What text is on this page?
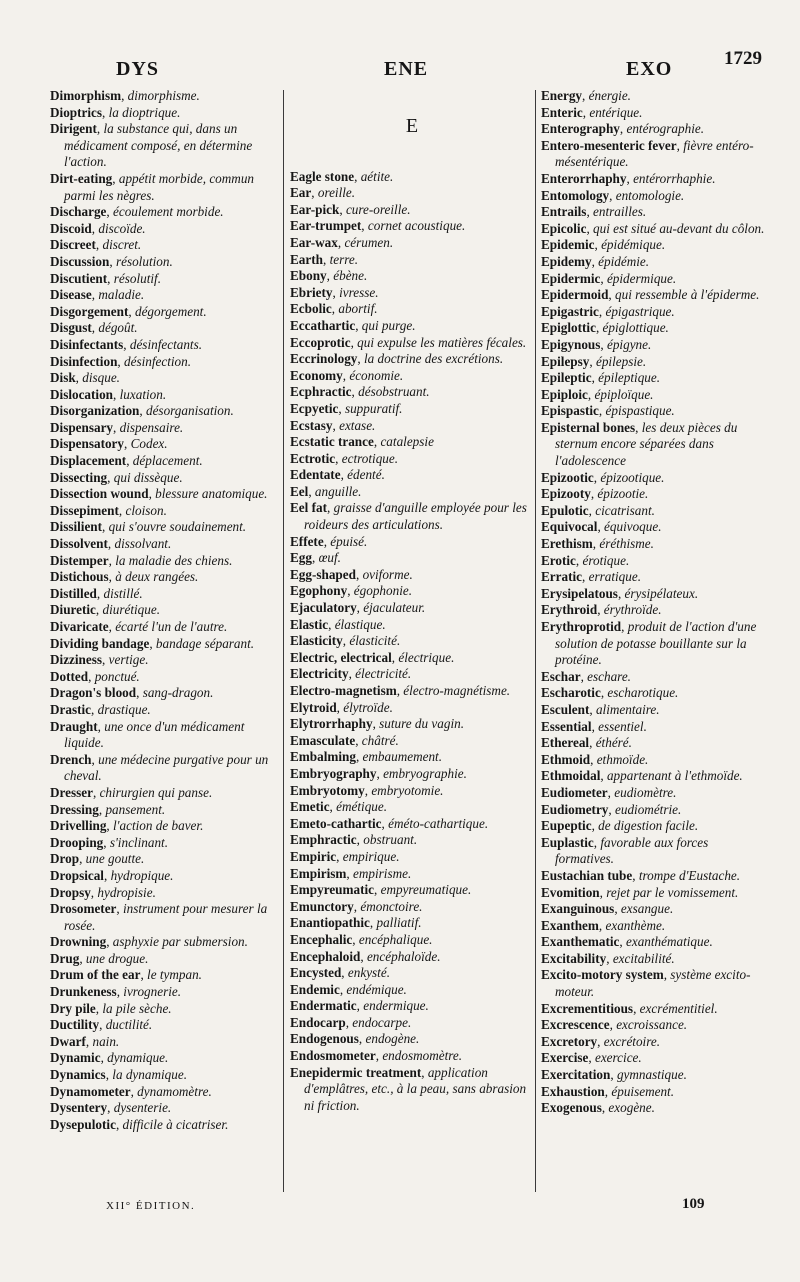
DYS	ENE	EXO	1729
Dimorphism, dimorphisme.
Dioptrics, la dioptrique.
Dirigent, la substance qui, dans un médicament composé, en détermine l'action.
Dirt-eating, appétit morbide, commun parmi les nègres.
Discharge, écoulement morbide.
Discoid, discoïde.
Discreet, discret.
Discussion, résolution.
Discutient, résolutif.
Disease, maladie.
Disgorgement, dégorgement.
Disgust, dégoût.
Disinfectants, désinfectants.
Disinfection, désinfection.
Disk, disque.
Dislocation, luxation.
Disorganization, désorganisation.
Dispensary, dispensaire.
Dispensatory, Codex.
Displacement, déplacement.
Dissecting, qui dissèque.
Dissection wound, blessure anatomique.
Dissepiment, cloison.
Dissilient, qui s'ouvre soudainement.
Dissolvent, dissolvant.
Distemper, la maladie des chiens.
Distichous, à deux rangées.
Distilled, distillé.
Diuretic, diurétique.
Divaricate, écarté l'un de l'autre.
Dividing bandage, bandage séparant.
Dizziness, vertige.
Dotted, ponctué.
Dragon's blood, sang-dragon.
Drastic, drastique.
Draught, une once d'un médicament liquide.
Drench, une médecine purgative pour un cheval.
Dresser, chirurgien qui panse.
Dressing, pansement.
Drivelling, l'action de baver.
Drooping, s'inclinant.
Drop, une goutte.
Dropsical, hydropique.
Dropsy, hydropisie.
Drosometer, instrument pour mesurer la rosée.
Drowning, asphyxie par submersion.
Drug, une drogue.
Drum of the ear, le tympan.
Drunkeness, ivrognerie.
Dry pile, la pile sèche.
Ductility, ductilité.
Dwarf, nain.
Dynamic, dynamique.
Dynamics, la dynamique.
Dynamometer, dynamomètre.
Dysentery, dysenterie.
Dysepulotic, difficile à cicatriser.
E
Eagle stone, aétite.
Ear, oreille.
Ear-pick, cure-oreille.
Ear-trumpet, cornet acoustique.
Ear-wax, cérumen.
Earth, terre.
Ebony, ébène.
Ebriety, ivresse.
Ecbolic, abortif.
Eccathartic, qui purge.
Eccoprotic, qui expulse les matières fécales.
Eccrinology, la doctrine des excrétions.
Economy, économie.
Ecphractic, désobstruant.
Ecpyetic, suppuratif.
Ecstasy, extase.
Ecstatic trance, catalepsie
Ectrotic, ectrotique.
Edentate, édenté.
Eel, anguille.
Eel fat, graisse d'anguille employée pour les roideurs des articulations.
Effete, épuisé.
Egg, œuf.
Egg-shaped, oviforme.
Egophony, égophonie.
Ejaculatory, éjaculateur.
Elastic, élastique.
Elasticity, élasticité.
Electric, electrical, électrique.
Electricity, électricité.
Electro-magnetism, électro-magnétisme.
Elytroid, élytroïde.
Elytrorrhaphy, suture du vagin.
Emasculate, châtré.
Embalming, embaumement.
Embryography, embryographie.
Embryotomy, embryotomie.
Emetic, émétique.
Emeto-cathartic, éméto-cathartique.
Emphractic, obstruant.
Empiric, empirique.
Empirism, empirisme.
Empyreumatic, empyreumatique.
Emunctory, émonctoire.
Enantiopathic, palliatif.
Encephalic, encéphalique.
Encephaloid, encéphaloïde.
Encysted, enkysté.
Endemic, endémique.
Endermatic, endermique.
Endocarp, endocarpe.
Endogenous, endogène.
Endosmometer, endosmomètre.
Enepidermic treatment, application d'emplâtres, etc., à la peau, sans abrasion ni friction.
Energy, énergie.
Enteric, entérique.
Enterography, entérographie.
Entero-mesenteric fever, fièvre entéro-mésentérique.
Enterorrhaphy, entérorrhaphie.
Entomology, entomologie.
Entrails, entrailles.
Epicolic, qui est situé au-devant du côlon.
Epidemic, épidémique.
Epidemy, épidémie.
Epidermic, épidermique.
Epidermoid, qui ressemble à l'épiderme.
Epigastric, épigastrique.
Epiglottic, épiglottique.
Epigynous, épigyne.
Epilepsy, épilepsie.
Epileptic, épileptique.
Epiploic, épiploïque.
Epispastic, épispastique.
Episternal bones, les deux pièces du sternum encore séparées dans l'adolescence
Epizootic, épizootique.
Epizooty, épizootie.
Epulotic, cicatrisant.
Equivocal, équivoque.
Erethism, éréthisme.
Erotic, érotique.
Erratic, erratique.
Erysipelatous, érysipélateux.
Erythroid, érythroïde.
Erythroprotid, produit de l'action d'une solution de potasse bouillante sur la protéine.
Eschar, eschare.
Escharotic, escharotique.
Esculent, alimentaire.
Essential, essentiel.
Ethereal, éthéré.
Ethmoid, ethmoïde.
Ethmoidal, appartenant à l'ethmoïde.
Eudiometer, eudiomètre.
Eudiometry, eudiométrie.
Eupeptic, de digestion facile.
Euplastic, favorable aux forces formatives.
Eustachian tube, trompe d'Eustache.
Evomition, rejet par le vomissement.
Exanguinous, exsangue.
Exanthem, exanthème.
Exanthematic, exanthématique.
Excitability, excitabilité.
Excito-motory system, système excito-moteur.
Excrementitious, excrémentitiel.
Excrescence, excroissance.
Excretory, excrétoire.
Exercise, exercice.
Exercitation, gymnastique.
Exhaustion, épuisement.
Exogenous, exogène.
XII° ÉDITION.	109
